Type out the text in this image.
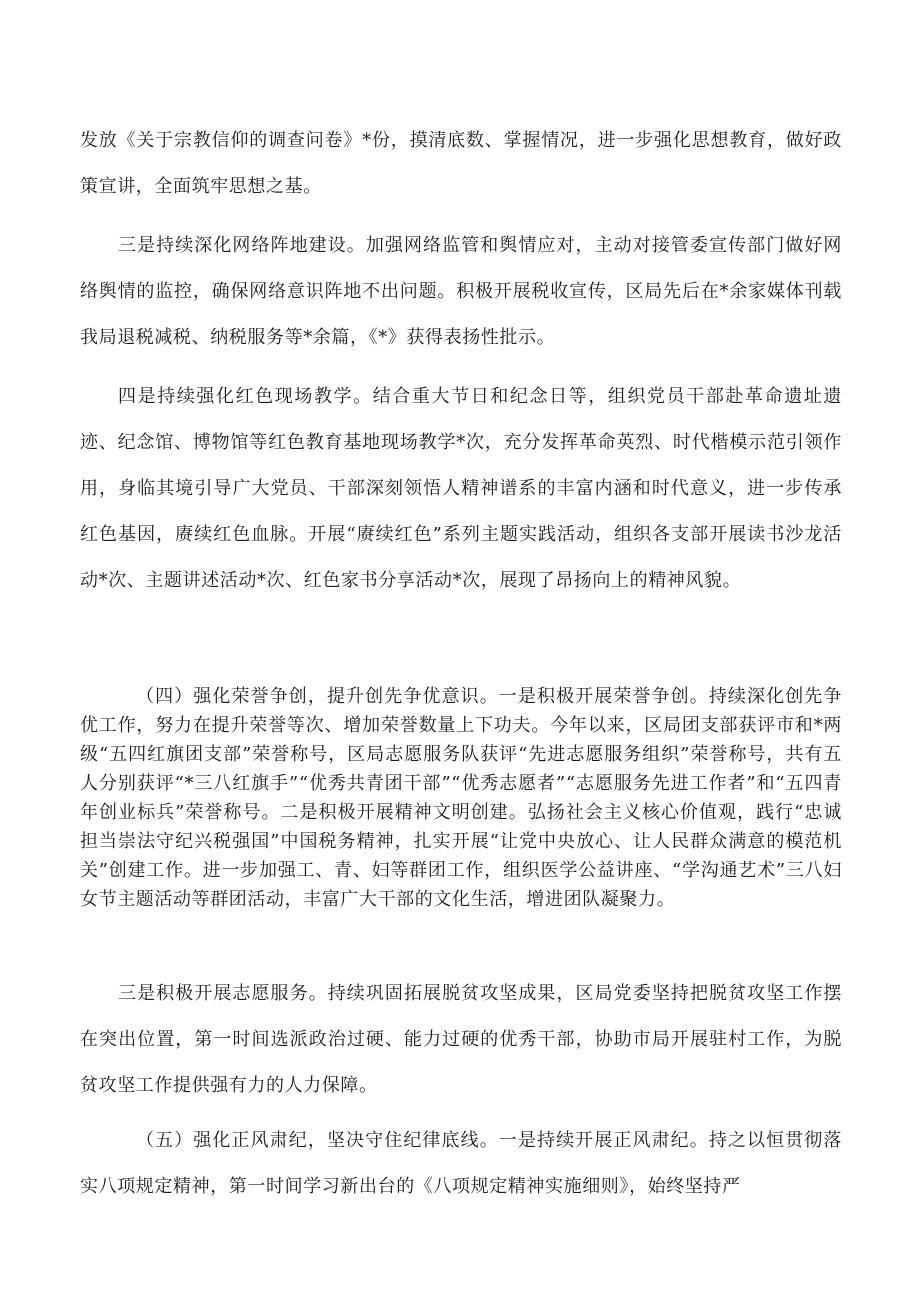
发放《关于宗教信仰的调查问卷》*份，摸清底数、掌握情况，进一步强化思想教育，做好政策宣讲，全面筑牢思想之基。

三是持续深化网络阵地建设。加强网络监管和舆情应对，主动对接管委宣传部门做好网络舆情的监控，确保网络意识阵地不出问题。积极开展税收宣传，区局先后在*余家媒体刊载我局退税减税、纳税服务等*余篇，《*》获得表扬性批示。

四是持续强化红色现场教学。结合重大节日和纪念日等，组织党员干部赴革命遗址遗迹、纪念馆、博物馆等红色教育基地现场教学*次，充分发挥革命英烈、时代楷模示范引领作用，身临其境引导广大党员、干部深刻领悟人精神谱系的丰富内涵和时代意义，进一步传承红色基因，赓续红色血脉。开展“赓续红色”系列主题实践活动，组织各支部开展读书沙龙活动*次、主题讲述活动*次、红色家书分享活动*次，展现了昂扬向上的精神风貌。

（四）强化荣誉争创，提升创先争优意识。一是积极开展荣誉争创。持续深化创先争优工作，努力在提升荣誉等次、增加荣誉数量上下功夫。今年以来，区局团支部获评市和*两级“五四红旗团支部”荣誉称号，区局志愿服务队获评“先进志愿服务组织”荣誉称号，共有五人分别获评“*三八红旗手”“优秀共青团干部”“优秀志愿者”“志愿服务先进工作者”和“五四青年创业标兵”荣誉称号。二是积极开展精神文明创建。弘扬社会主义核心价值观，践行“忠诚担当崇法守纪兴税强国”中国税务精神，扎实开展“让党中央放心、让人民群众满意的模范机关”创建工作。进一步加强工、青、妇等群团工作，组织医学公益讲座、“学沟通艺术”三八妇女节主题活动等群团活动，丰富广大干部的文化生活，增进团队凝聚力。

三是积极开展志愿服务。持续巩固拓展脱贫攻坚成果，区局党委坚持把脱贫攻坚工作摆在突出位置，第一时间选派政治过硬、能力过硬的优秀干部，协助市局开展驻村工作，为脱贫攻坚工作提供强有力的人力保障。

（五）强化正风肃纪，坚决守住纪律底线。一是持续开展正风肃纪。持之以恒贯彻落实八项规定精神，第一时间学习新出台的《八项规定精神实施细则》，始终坚持严
